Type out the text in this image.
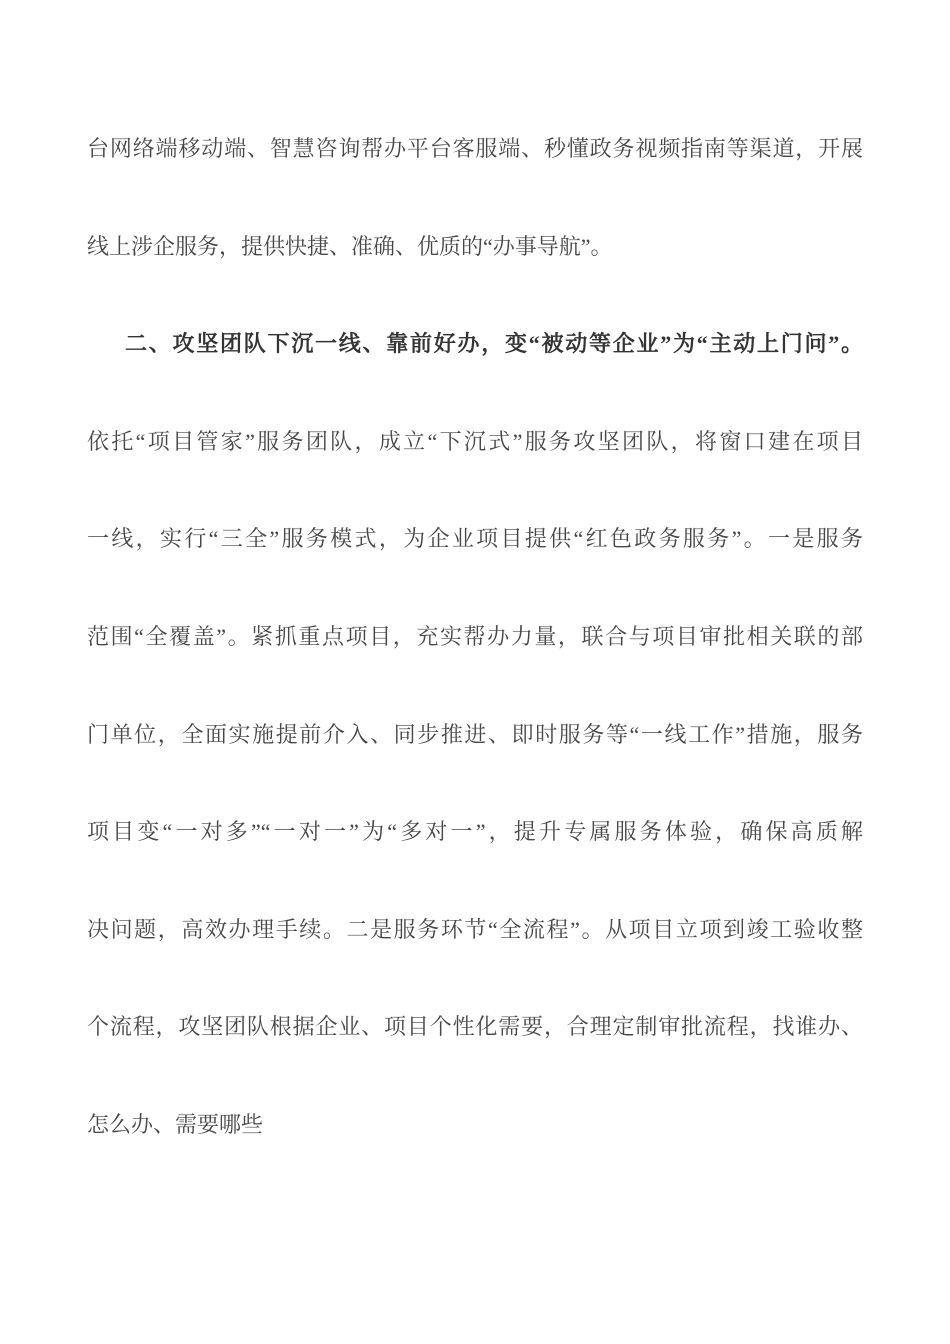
台网络端移动端、智慧咨询帮办平台客服端、秒懂政务视频指南等渠道，开展
线上涉企服务，提供快捷、准确、优质的“办事导航”。
二、攻坚团队下沉一线、靠前好办，变“被动等企业”为“主动上门问”。
依托“项目管家”服务团队，成立“下沉式”服务攻坚团队，将窗口建在项目
一线，实行“三全”服务模式，为企业项目提供“红色政务服务”。一是服务
范围“全覆盖”。紧抓重点项目，充实帮办力量，联合与项目审批相关联的部
门单位，全面实施提前介入、同步推进、即时服务等“一线工作”措施，服务
项目变“一对多”“一对一”为“多对一”，提升专属服务体验，确保高质解
决问题，高效办理手续。二是服务环节“全流程”。从项目立项到竣工验收整
个流程，攻坚团队根据企业、项目个性化需要，合理定制审批流程，找谁办、
怎么办、需要哪些
